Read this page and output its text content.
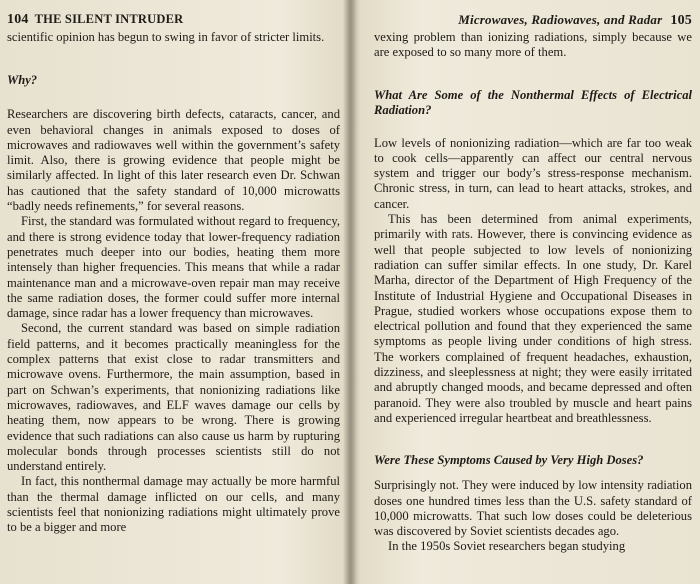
104 THE SILENT INTRUDER

scientific opinion has begun to swing in favor of stricter limits.

Why?

Researchers are discovering birth defects, cataracts, cancer, and even behavioral changes in animals exposed to doses of microwaves and radiowaves well within the government’s safety limit. Also, there is growing evidence that people might be similarly affected. In light of this later research even Dr. Schwan has cautioned that the safety standard of 10,000 microwatts “badly needs refinements,” for several reasons.

First, the standard was formulated without regard to frequency, and there is strong evidence today that lower-frequency radiation penetrates much deeper into our bodies, heating them more intensely than higher frequencies. This means that while a radar maintenance man and a microwave-oven repair man may receive the same radiation doses, the former could suffer more internal damage, since radar has a lower frequency than microwaves.

Second, the current standard was based on simple radiation field patterns, and it becomes practically meaningless for the complex patterns that exist close to radar transmitters and microwave ovens. Furthermore, the main assumption, based in part on Schwan’s experiments, that nonionizing radiations like microwaves, radiowaves, and ELF waves damage our cells by heating them, now appears to be wrong. There is growing evidence that such radiations can also cause us harm by rupturing molecular bonds through processes scientists still do not understand entirely.

In fact, this nonthermal damage may actually be more harmful than the thermal damage inflicted on our cells, and many scientists feel that nonionizing radiations might ultimately prove to be a bigger and more

Microwaves, Radiowaves, and Radar 105

vexing problem than ionizing radiations, simply because we are exposed to so many more of them.

What Are Some of the Nonthermal Effects of Electrical Radiation?

Low levels of nonionizing radiation—which are far too weak to cook cells—apparently can affect our central nervous system and trigger our body’s stress-response mechanism. Chronic stress, in turn, can lead to heart attacks, strokes, and cancer.

This has been determined from animal experiments, primarily with rats. However, there is convincing evidence as well that people subjected to low levels of nonionizing radiation can suffer similar effects. In one study, Dr. Karel Marha, director of the Department of High Frequency of the Institute of Industrial Hygiene and Occupational Diseases in Prague, studied workers whose occupations expose them to electrical pollution and found that they experienced the same symptoms as people living under conditions of high stress. The workers complained of frequent headaches, exhaustion, dizziness, and sleeplessness at night; they were easily irritated and abruptly changed moods, and became depressed and often paranoid. They were also troubled by muscle and heart pains and experienced irregular heartbeat and breathlessness.

Were These Symptoms Caused by Very High Doses?

Surprisingly not. They were induced by low intensity radiation doses one hundred times less than the U.S. safety standard of 10,000 microwatts. That such low doses could be deleterious was discovered by Soviet scientists decades ago.

In the 1950s Soviet researchers began studying
